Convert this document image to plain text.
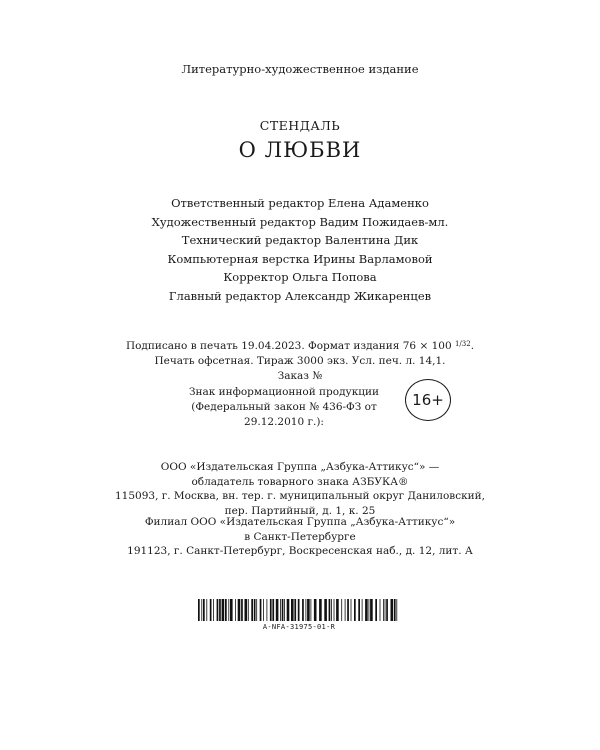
Литературно-художественное издание
СТЕНДАЛЬ
О ЛЮБВИ
Ответственный редактор Елена Адаменко
Художественный редактор Вадим Пожидаев-мл.
Технический редактор Валентина Дик
Компьютерная верстка Ирины Варламовой
Корректор Ольга Попова
Главный редактор Александр Жикаренцев
Подписано в печать 19.04.2023. Формат издания 76 × 100 $^{1/32}$.
Печать офсетная. Тираж 3000 экз. Усл. печ. л. 14,1.
Заказ №
Знак информационной продукции
(Федеральный закон № 436-ФЗ от 29.12.2010 г.):
16+
ООО «Издательская Группа „Азбука-Аттикус“» —
обладатель товарного знака АЗБУКА®
115093, г. Москва, вн. тер. г. муниципальный округ Даниловский,
пер. Партийный, д. 1, к. 25
Филиал ООО «Издательская Группа „Азбука-Аттикус“»
в Санкт-Петербурге
191123, г. Санкт-Петербург, Воскресенская наб., д. 12, лит. А
A-NFA-31975-01-R
